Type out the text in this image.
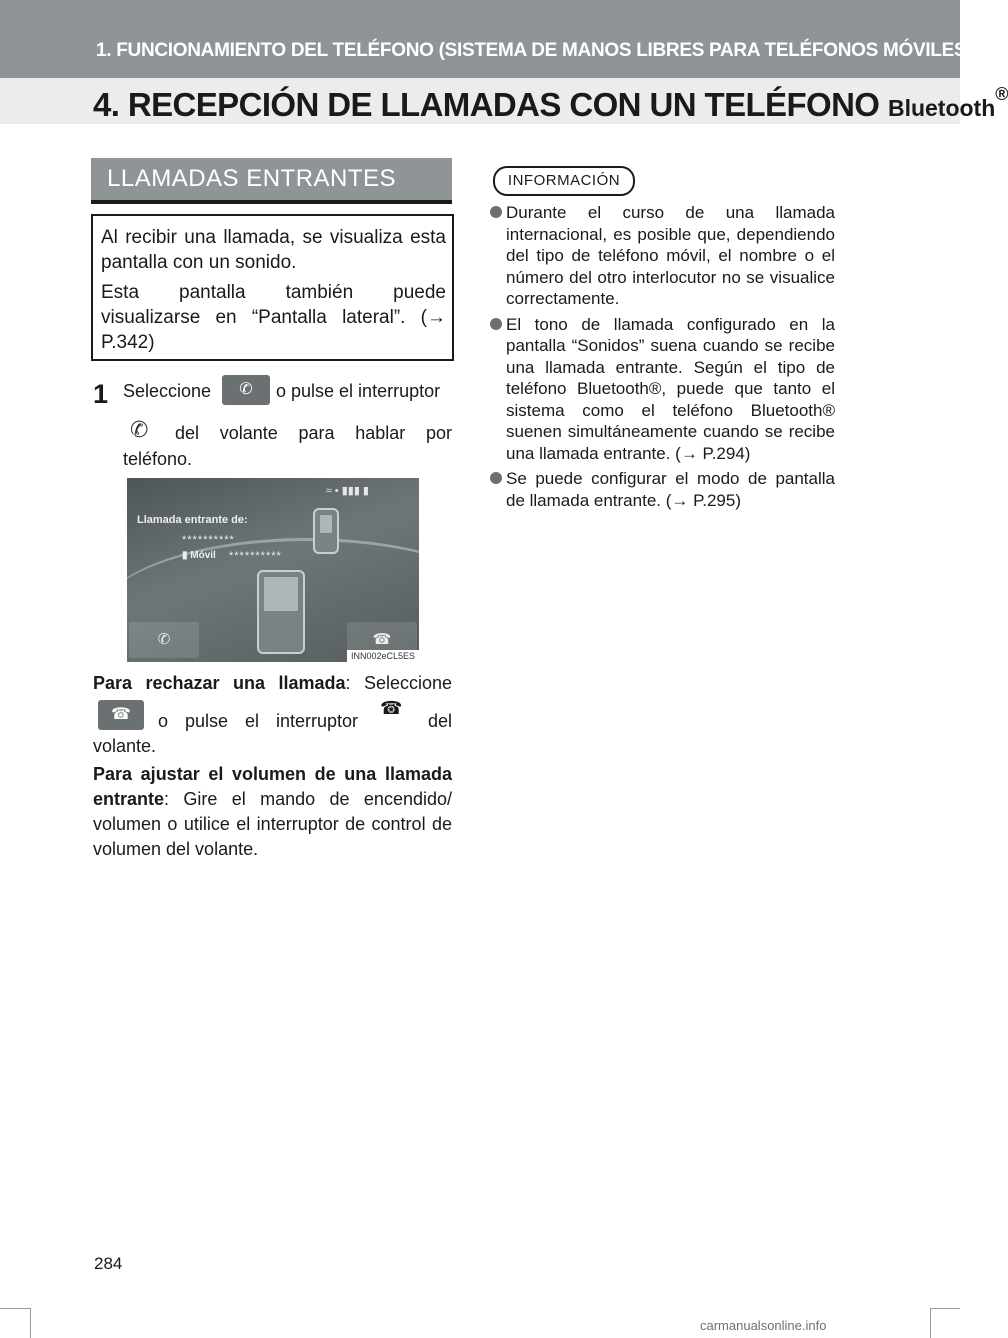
1. FUNCIONAMIENTO DEL TELÉFONO (SISTEMA DE MANOS LIBRES PARA TELÉFONOS MÓVILES)
4. RECEPCIÓN DE LLAMADAS CON UN TELÉFONO Bluetooth®
LLAMADAS ENTRANTES

Al recibir una llamada, se visualiza esta pantalla con un sonido.

Esta pantalla también puede visualizarse en “Pantalla lateral”. (→ P.342)

1 Seleccione	✆	o pulse el interruptor
✆ del volante para hablar por
teléfono.
≈ • ▮▮▮ ▮
Llamada entrante de:
**********
▮ Móvil **********
✆	☎
INN002eCL5ES
Para rechazar una llamada: Seleccione
☎	o pulse el interruptor   	del
☎
volante.
Para ajustar el volumen de una llamada entrante: Gire el mando de encendido/ volumen o utilice el interruptor de control de volumen del volante.
INFORMACIÓN
Durante el curso de una llamada internacional, es posible que, dependiendo del tipo de teléfono móvil, el nombre o el número del otro interlocutor no se visualice correctamente.
El tono de llamada configurado en la pantalla “Sonidos” suena cuando se recibe una llamada entrante. Según el tipo de teléfono Bluetooth®, puede que tanto el sistema como el teléfono Bluetooth® suenen simultáneamente cuando se recibe una llamada entrante. (→ P.294)
Se puede configurar el modo de pantalla de llamada entrante. (→ P.295)
284
carmanualsonline.info
